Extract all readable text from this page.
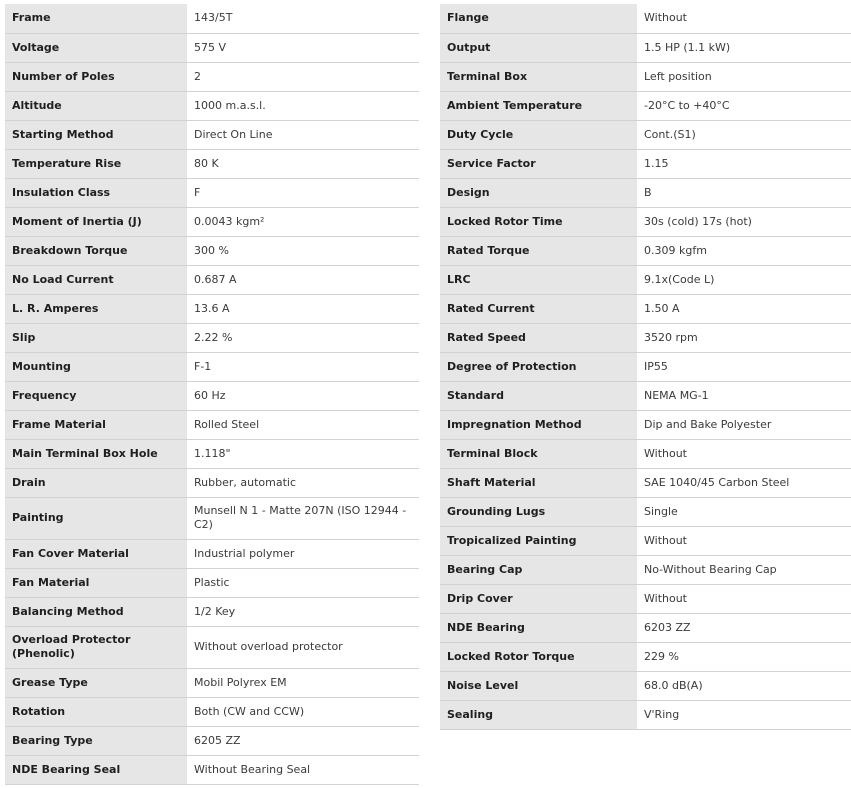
Frame	143/5T
Voltage	575 V
Number of Poles	2
Altitude	1000 m.a.s.l.
Starting Method	Direct On Line
Temperature Rise	80 K
Insulation Class	F
Moment of Inertia (J)	0.0043 kgm²
Breakdown Torque	300 %
No Load Current	0.687 A
L. R. Amperes	13.6 A
Slip	2.22 %
Mounting	F-1
Frequency	60 Hz
Frame Material	Rolled Steel
Main Terminal Box Hole	1.118"
Drain	Rubber, automatic
Painting	Munsell N 1 - Matte 207N (ISO 12944 - C2)
Fan Cover Material	Industrial polymer
Fan Material	Plastic
Balancing Method	1/2 Key
Overload Protector (Phenolic)	Without overload protector
Grease Type	Mobil Polyrex EM
Rotation	Both (CW and CCW)
Bearing Type	6205 ZZ
NDE Bearing Seal	Without Bearing Seal
Flange	Without
Output	1.5 HP (1.1 kW)
Terminal Box	Left position
Ambient Temperature	-20°C to +40°C
Duty Cycle	Cont.(S1)
Service Factor	1.15
Design	B
Locked Rotor Time	30s (cold) 17s (hot)
Rated Torque	0.309 kgfm
LRC	9.1x(Code L)
Rated Current	1.50 A
Rated Speed	3520 rpm
Degree of Protection	IP55
Standard	NEMA MG-1
Impregnation Method	Dip and Bake Polyester
Terminal Block	Without
Shaft Material	SAE 1040/45 Carbon Steel
Grounding Lugs	Single
Tropicalized Painting	Without
Bearing Cap	No-Without Bearing Cap
Drip Cover	Without
NDE Bearing	6203 ZZ
Locked Rotor Torque	229 %
Noise Level	68.0 dB(A)
Sealing	V'Ring
